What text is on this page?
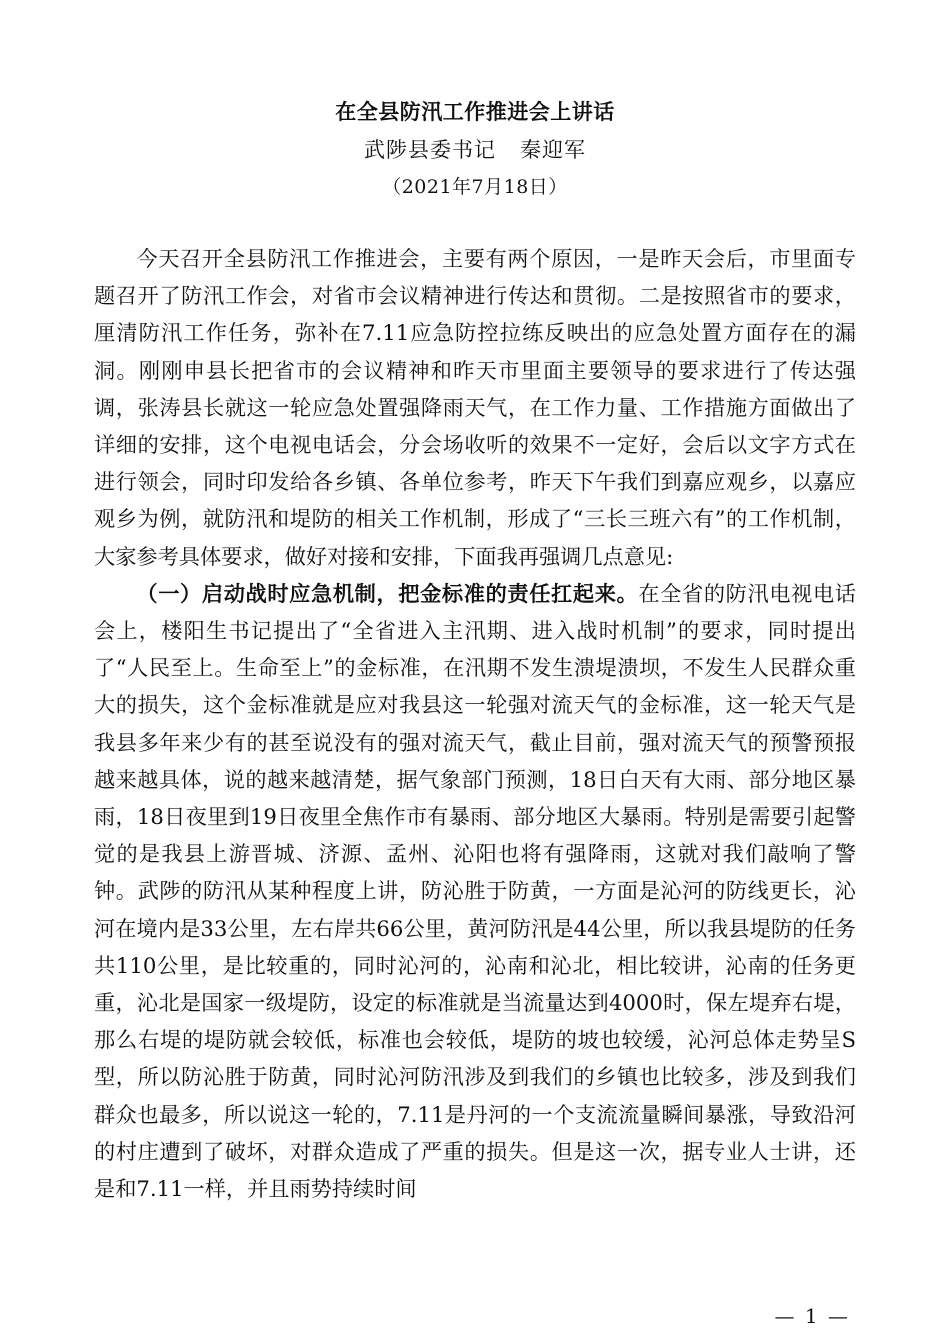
在全县防汛工作推进会上讲话
武陟县委书记 秦迎军
（2021年7月18日）

今天召开全县防汛工作推进会，主要有两个原因，一是昨天会后，市里面专题召开了防汛工作会，对省市会议精神进行传达和贯彻。二是按照省市的要求，厘清防汛工作任务，弥补在7.11应急防控拉练反映出的应急处置方面存在的漏洞。刚刚申县长把省市的会议精神和昨天市里面主要领导的要求进行了传达强调，张涛县长就这一轮应急处置强降雨天气，在工作力量、工作措施方面做出了详细的安排，这个电视电话会，分会场收听的效果不一定好，会后以文字方式在进行领会，同时印发给各乡镇、各单位参考，昨天下午我们到嘉应观乡，以嘉应观乡为例，就防汛和堤防的相关工作机制，形成了“三长三班六有”的工作机制，大家参考具体要求，做好对接和安排，下面我再强调几点意见:

（一）启动战时应急机制，把金标准的责任扛起来。在全省的防汛电视电话会上，楼阳生书记提出了“全省进入主汛期、进入战时机制”的要求，同时提出了“人民至上。生命至上”的金标准，在汛期不发生溃堤溃坝，不发生人民群众重大的损失，这个金标准就是应对我县这一轮强对流天气的金标准，这一轮天气是我县多年来少有的甚至说没有的强对流天气，截止目前，强对流天气的预警预报越来越具体，说的越来越清楚，据气象部门预测，18日白天有大雨、部分地区暴雨，18日夜里到19日夜里全焦作市有暴雨、部分地区大暴雨。特别是需要引起警觉的是我县上游晋城、济源、孟州、沁阳也将有强降雨，这就对我们敲响了警钟。武陟的防汛从某种程度上讲，防沁胜于防黄，一方面是沁河的防线更长，沁河在境内是33公里，左右岸共66公里，黄河防汛是44公里，所以我县堤防的任务共110公里，是比较重的，同时沁河的，沁南和沁北，相比较讲，沁南的任务更重，沁北是国家一级堤防，设定的标准就是当流量达到4000时，保左堤弃右堤，那么右堤的堤防就会较低，标准也会较低，堤防的坡也较缓，沁河总体走势呈S型，所以防沁胜于防黄，同时沁河防汛涉及到我们的乡镇也比较多，涉及到我们群众也最多，所以说这一轮的，7.11是丹河的一个支流流量瞬间暴涨，导致沿河的村庄遭到了破坏，对群众造成了严重的损失。但是这一次，据专业人士讲，还是和7.11一样，并且雨势持续时间

— 1 —
